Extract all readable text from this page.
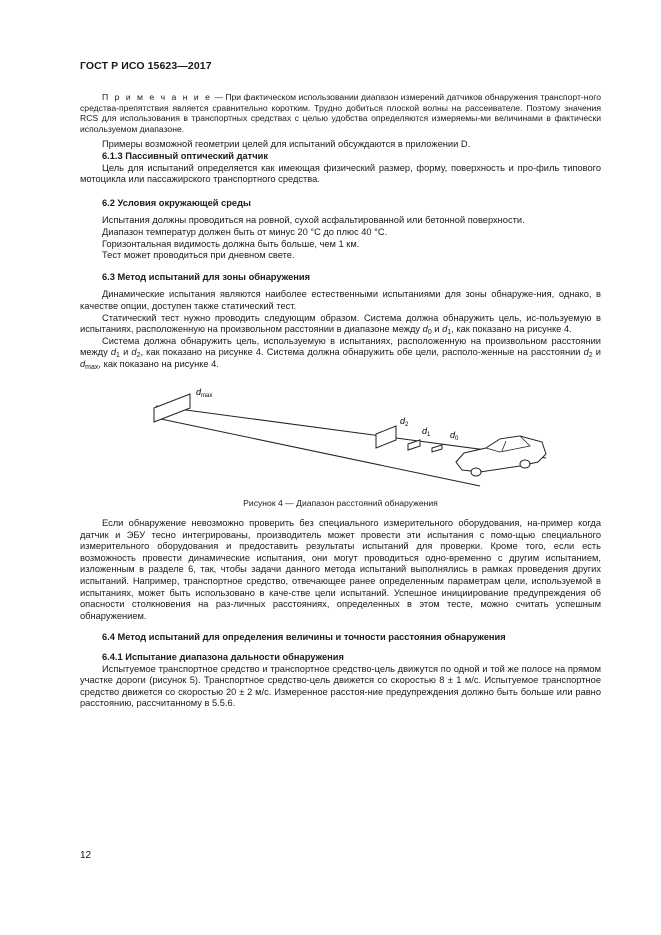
ГОСТ Р ИСО 15623—2017

П р и м е ч а н и е — При фактическом использовании диапазон измерений датчиков обнаружения транспорт-ного средства-препятствия является сравнительно коротким. Трудно добиться плоской волны на рассеивателе. Поэтому значения RCS для использования в транспортных средствах с целью удобства определяются измеряемы-ми величинами в фактически используемом диапазоне.

Примеры возможной геометрии целей для испытаний обсуждаются в приложении D.

6.1.3 Пассивный оптический датчик

Цель для испытаний определяется как имеющая физический размер, форму, поверхность и про-филь типового мотоцикла или пассажирского транспортного средства.

6.2 Условия окружающей среды

Испытания должны проводиться на ровной, сухой асфальтированной или бетонной поверхности.

Диапазон температур должен быть от минус 20 °C до плюс 40 °C.

Горизонтальная видимость должна быть больше, чем 1 км.

Тест может проводиться при дневном свете.

6.3 Метод испытаний для зоны обнаружения

Динамические испытания являются наиболее естественными испытаниями для зоны обнаруже-ния, однако, в качестве опции, доступен также статический тест.

Статический тест нужно проводить следующим образом. Система должна обнаружить цель, ис-пользуемую в испытаниях, расположенную на произвольном расстоянии в диапазоне между $d_0$ и $d_1$, как показано на рисунке 4.

Система должна обнаружить цель, используемую в испытаниях, расположенную на произвольном расстоянии между $d_1$ и $d_2$, как показано на рисунке 4. Система должна обнаружить обе цели, располо-женные на расстоянии $d_2$ и $d_{max}$, как показано на рисунке 4.

$d_{max}$
$d_2$
$d_1$ $d_0$

Рисунок 4 — Диапазон расстояний обнаружения

Если обнаружение невозможно проверить без специального измерительного оборудования, на-пример когда датчик и ЭБУ тесно интегрированы, производитель может провести эти испытания с помо-щью специального измерительного оборудования и предоставить результаты испытаний для проверки. Кроме того, если есть возможность провести динамические испытания, они могут проводиться одно-временно с другим испытанием, изложенным в разделе 6, так, чтобы задачи данного метода испытаний выполнялись в рамках проведения других испытаний. Например, транспортное средство, отвечающее ранее определенным параметрам цели, используемой в испытаниях, может быть использовано в каче-стве цели испытаний. Успешное инициирование предупреждения об опасности столкновения на раз-личных расстояниях, определенных в этом тесте, можно считать успешным обнаружением.

6.4 Метод испытаний для определения величины и точности расстояния обнаружения

6.4.1 Испытание диапазона дальности обнаружения

Испытуемое транспортное средство и транспортное средство-цель движутся по одной и той же полосе на прямом участке дороги (рисунок 5). Транспортное средство-цель движется со скоростью 8 ± 1 м/с. Испытуемое транспортное средство движется со скоростью 20 ± 2 м/с. Измеренное расстоя-ние предупреждения должно быть больше или равно расстоянию, рассчитанному в 5.5.6.

12
